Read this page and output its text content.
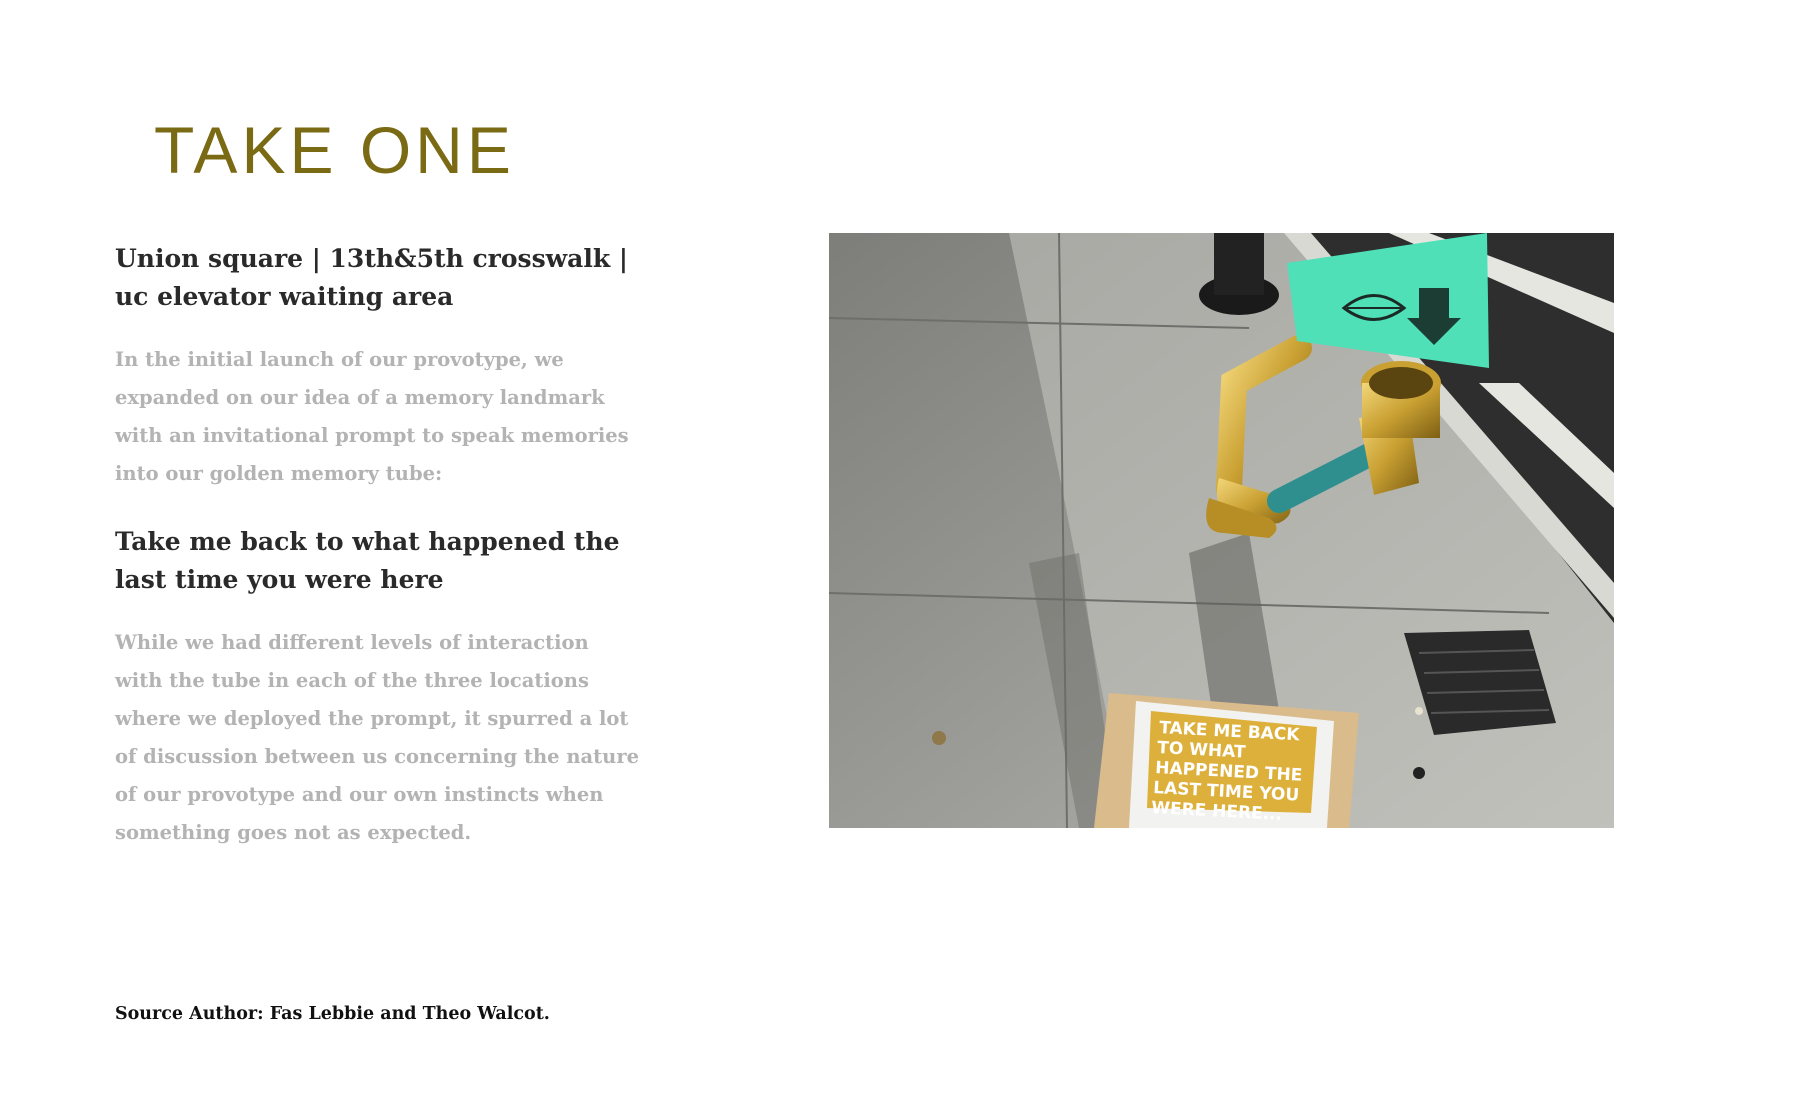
TAKE ONE
Union square | 13th&5th crosswalk | uc elevator waiting area

In the initial launch of our provotype, we expanded on our idea of a memory landmark with an invitational prompt to speak memories into our golden memory tube:

Take me back to what happened the last time you were here

While we had different levels of interaction with the tube in each of the three locations where we deployed the prompt, it spurred a lot of discussion between us concerning the nature of our provotype and our own instincts when something goes not as expected.

TAKE ME BACK
TO WHAT
HAPPENED THE
LAST TIME YOU
WERE HERE...

Source Author: Fas Lebbie and Theo Walcot.
